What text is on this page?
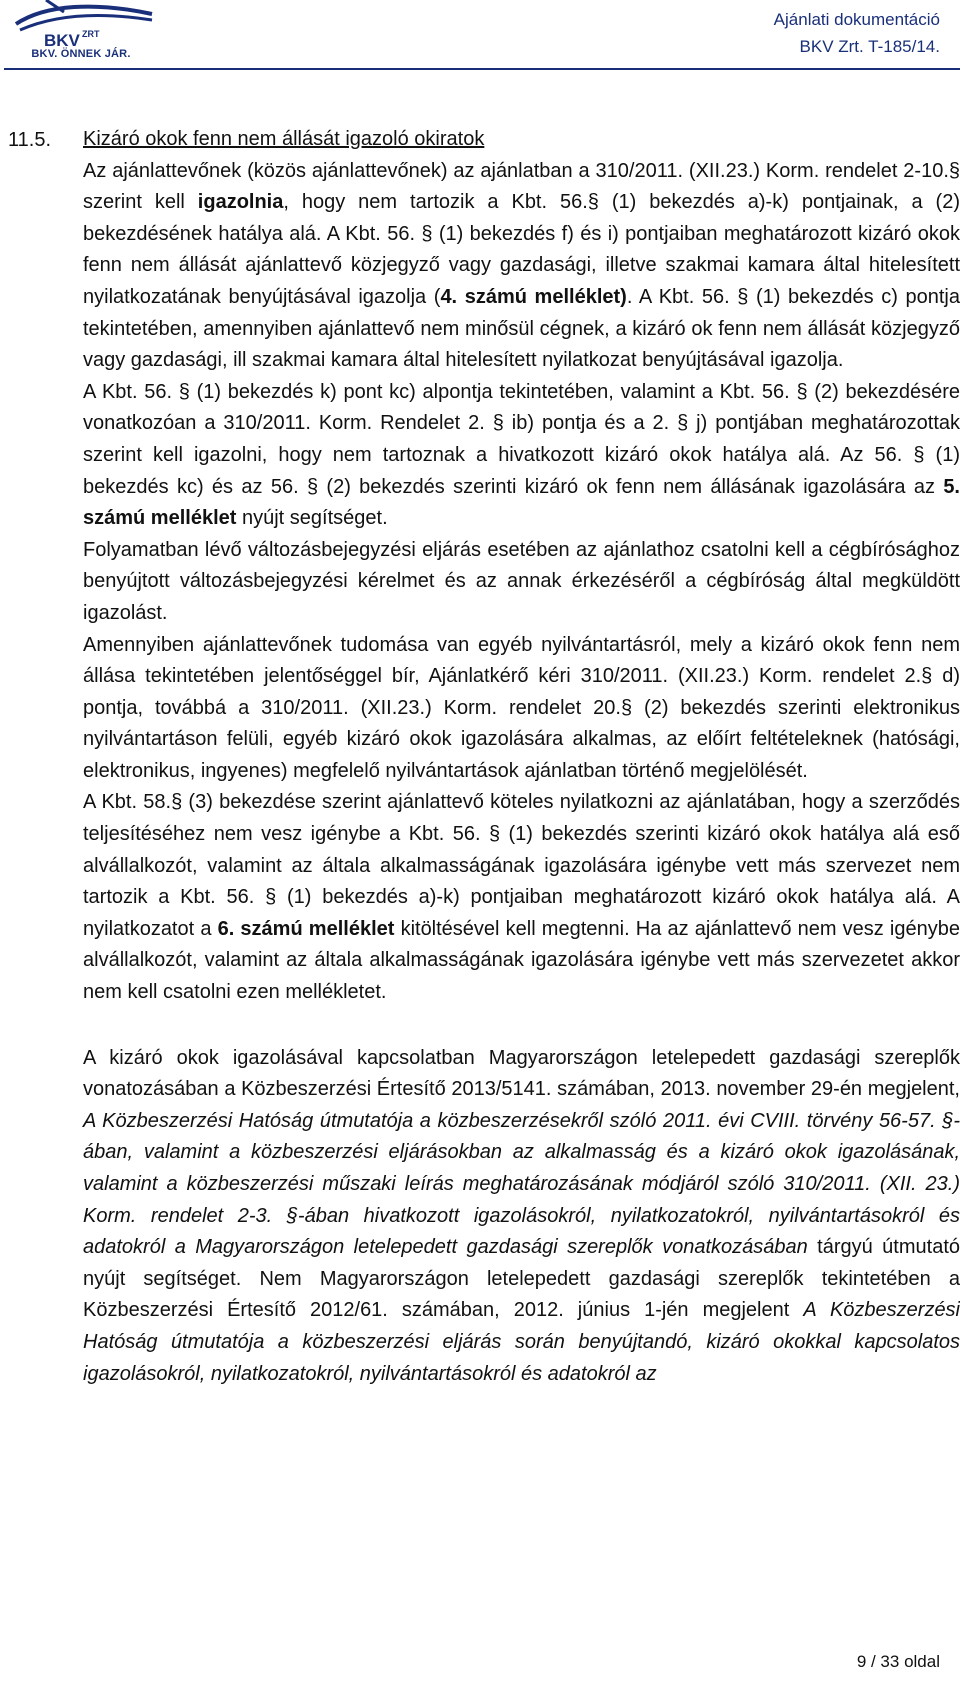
BKV ZRT
BKV. ÖNNEK JÁR.
Ajánlati dokumentáció
BKV Zrt. T-185/14.
11.5. Kizáró okok fenn nem állását igazoló okiratok

Az ajánlattevőnek (közös ajánlattevőnek) az ajánlatban a 310/2011. (XII.23.) Korm. rendelet 2-10.§ szerint kell igazolnia, hogy nem tartozik a Kbt. 56.§ (1) bekezdés a)-k) pontjainak, a (2) bekezdésének hatálya alá. A Kbt. 56. § (1) bekezdés f) és i) pontjaiban meghatározott kizáró okok fenn nem állását ajánlattevő közjegyző vagy gazdasági, illetve szakmai kamara által hitelesített nyilatkozatának benyújtásával igazolja (4. számú melléklet). A Kbt. 56. § (1) bekezdés c) pontja tekintetében, amennyiben ajánlattevő nem minősül cégnek, a kizáró ok fenn nem állását közjegyző vagy gazdasági, ill szakmai kamara által hitelesített nyilatkozat benyújtásával igazolja.

A Kbt. 56. § (1) bekezdés k) pont kc) alpontja tekintetében, valamint a Kbt. 56. § (2) bekezdésére vonatkozóan a 310/2011. Korm. Rendelet 2. § ib) pontja és a 2. § j) pontjában meghatározottak szerint kell igazolni, hogy nem tartoznak a hivatkozott kizáró okok hatálya alá. Az 56. § (1) bekezdés kc) és az 56. § (2) bekezdés szerinti kizáró ok fenn nem állásának igazolására az 5. számú melléklet nyújt segítséget.

Folyamatban lévő változásbejegyzési eljárás esetében az ajánlathoz csatolni kell a cégbírósághoz benyújtott változásbejegyzési kérelmet és az annak érkezéséről a cégbíróság által megküldött igazolást.

Amennyiben ajánlattevőnek tudomása van egyéb nyilvántartásról, mely a kizáró okok fenn nem állása tekintetében jelentőséggel bír, Ajánlatkérő kéri 310/2011. (XII.23.) Korm. rendelet 2.§ d) pontja, továbbá a 310/2011. (XII.23.) Korm. rendelet 20.§ (2) bekezdés szerinti elektronikus nyilvántartáson felüli, egyéb kizáró okok igazolására alkalmas, az előírt feltételeknek (hatósági, elektronikus, ingyenes) megfelelő nyilvántartások ajánlatban történő megjelölését.

A Kbt. 58.§ (3) bekezdése szerint ajánlattevő köteles nyilatkozni az ajánlatában, hogy a szerződés teljesítéséhez nem vesz igénybe a Kbt. 56. § (1) bekezdés szerinti kizáró okok hatálya alá eső alvállalkozót, valamint az általa alkalmasságának igazolására igénybe vett más szervezet nem tartozik a Kbt. 56. § (1) bekezdés a)-k) pontjaiban meghatározott kizáró okok hatálya alá. A nyilatkozatot a 6. számú melléklet kitöltésével kell megtenni. Ha az ajánlattevő nem vesz igénybe alvállalkozót, valamint az általa alkalmasságának igazolására igénybe vett más szervezetet akkor nem kell csatolni ezen mellékletet.

A kizáró okok igazolásával kapcsolatban Magyarországon letelepedett gazdasági szereplők vonatozásában a Közbeszerzési Értesítő 2013/5141. számában, 2013. november 29-én megjelent, A Közbeszerzési Hatóság útmutatója a közbeszerzésekről szóló 2011. évi CVIII. törvény 56-57. §-ában, valamint a közbeszerzési eljárásokban az alkalmasság és a kizáró okok igazolásának, valamint a közbeszerzési műszaki leírás meghatározásának módjáról szóló 310/2011. (XII. 23.) Korm. rendelet 2-3. §-ában hivatkozott igazolásokról, nyilatkozatokról, nyilvántartásokról és adatokról a Magyarországon letelepedett gazdasági szereplők vonatkozásában tárgyú útmutató nyújt segítséget. Nem Magyarországon letelepedett gazdasági szereplők tekintetében a Közbeszerzési Értesítő 2012/61. számában, 2012. június 1-jén megjelent A Közbeszerzési Hatóság útmutatója a közbeszerzési eljárás során benyújtandó, kizáró okokkal kapcsolatos igazolásokról, nyilatkozatokról, nyilvántartásokról és adatokról az

9 / 33 oldal
